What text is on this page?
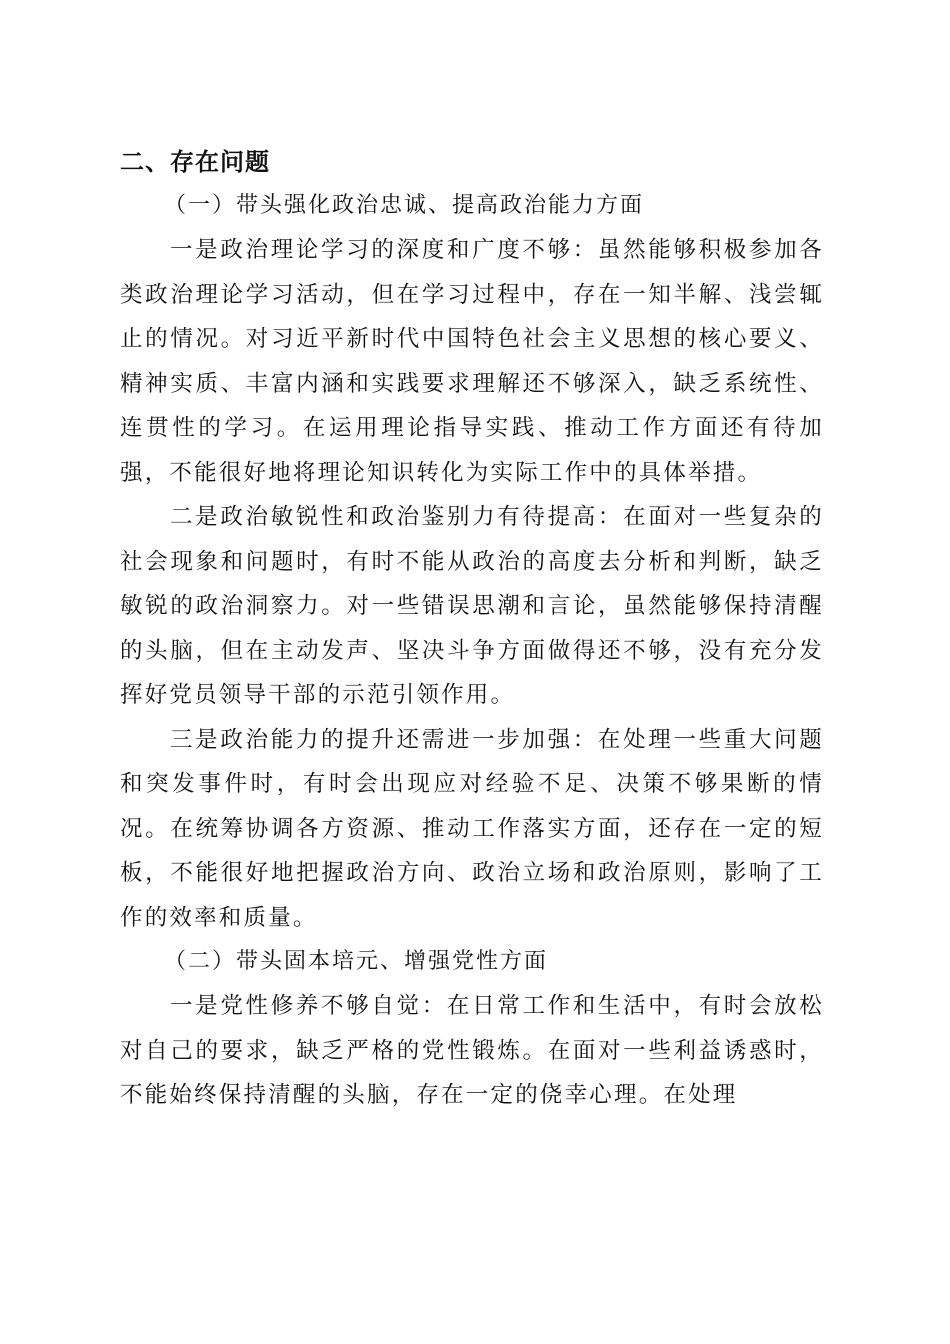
二、存在问题

（一）带头强化政治忠诚、提高政治能力方面

一是政治理论学习的深度和广度不够：虽然能够积极参加各类政治理论学习活动，但在学习过程中，存在一知半解、浅尝辄止的情况。对习近平新时代中国特色社会主义思想的核心要义、精神实质、丰富内涵和实践要求理解还不够深入，缺乏系统性、连贯性的学习。在运用理论指导实践、推动工作方面还有待加强，不能很好地将理论知识转化为实际工作中的具体举措。

二是政治敏锐性和政治鉴别力有待提高：在面对一些复杂的社会现象和问题时，有时不能从政治的高度去分析和判断，缺乏敏锐的政治洞察力。对一些错误思潮和言论，虽然能够保持清醒的头脑，但在主动发声、坚决斗争方面做得还不够，没有充分发挥好党员领导干部的示范引领作用。

三是政治能力的提升还需进一步加强：在处理一些重大问题和突发事件时，有时会出现应对经验不足、决策不够果断的情况。在统筹协调各方资源、推动工作落实方面，还存在一定的短板，不能很好地把握政治方向、政治立场和政治原则，影响了工作的效率和质量。

（二）带头固本培元、增强党性方面

一是党性修养不够自觉：在日常工作和生活中，有时会放松对自己的要求，缺乏严格的党性锻炼。在面对一些利益诱惑时，不能始终保持清醒的头脑，存在一定的侥幸心理。在处理
